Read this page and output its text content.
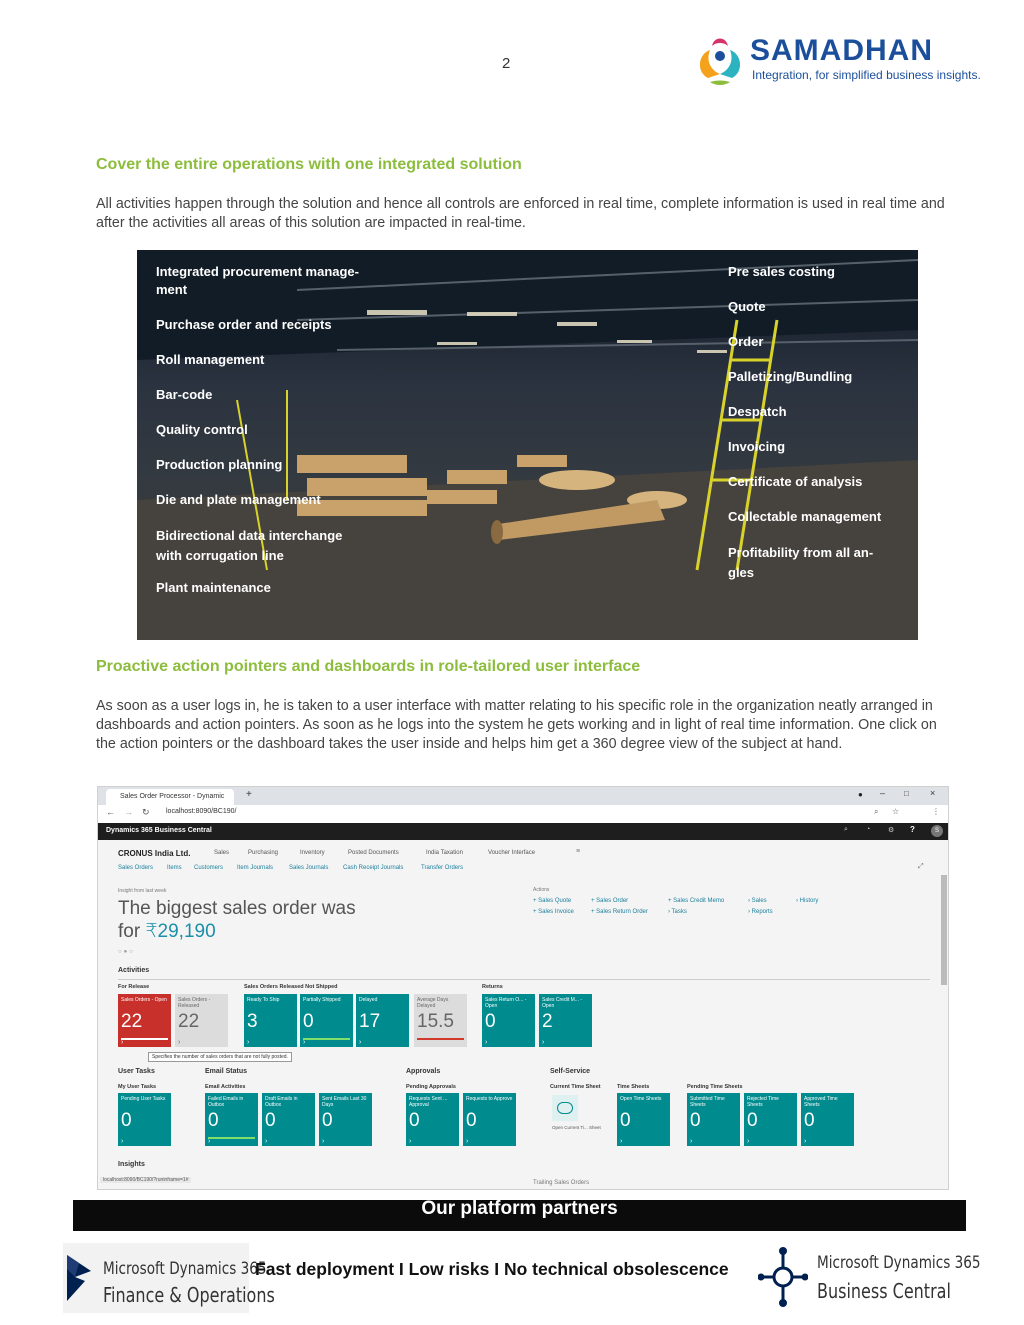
2	SAMADHAN
Integration, for simplified business insights.
Cover the entire operations with one integrated solution
All activities happen through the solution and hence all controls are enforced in real time, complete information is used in real time and after the activities all areas of this solution are impacted in real-time.
Integrated procurement manage-
ment
Purchase order and receipts
Roll management
Bar-code
Quality control
Production planning
Die and plate management
Bidirectional data interchange
with corrugation line
Plant maintenance
Pre sales costing
Quote
Order
Palletizing/Bundling
Despatch
Invoicing
Certificate of analysis
Collectable management
Profitability from all an-
gles
Proactive action pointers and dashboards in role-tailored user interface
As soon as a user logs in, he is taken to a user interface with matter relating to his specific role in the organization neatly arranged in dashboards and action pointers. As soon as he logs into the system he gets working and in light of real time information. One click on the action pointers or the dashboard takes the user inside and helps him get a 360 degree view of the subject at hand.
Sales Order Processor - Dynamic	+	● – □ ×
← → ↻ localhost:8090/BC190/	⌕ ☆	⋮
Dynamics 365 Business Central	⌕	◔	⚙ ?	S
CRONUS India Ltd.	Sales	Purchasing	Inventory	Posted Documents	India Taxation	Voucher Interface	≡
Sales Orders Items Customers Item Journals	Sales Journals Cash Receipt Journals	Transfer Orders	⤢
Insight from last week
The biggest sales order was
for ₹29,190
○●○
Actions
+ Sales Quote	+ Sales Order	+ Sales Credit Memo	› Sales	› History
+ Sales Invoice	+ Sales Return Order	› Tasks	› Reports
Activities
For Release	Sales Orders Released Not Shipped	Returns
Sales Orders - Open
22
›
Sales Orders - Released
22
›
Ready To Ship
3
›
Partially Shipped
0
›
Delayed
17
›
Average Days Delayed
15.5
Sales Return O... - Open
0
›
Sales Credit M... - Open
2
›
Specifies the number of sales orders that are not fully posted.
User Tasks	Email Status	Approvals	Self-Service
My User Tasks	Email Activities	Pending Approvals	Current Time Sheet	Time Sheets	Pending Time Sheets
Pending User Tasks
0
›
Failed Emails in Outbox
0
›
Draft Emails in Outbox
0
›
Sent Emails Last 30 Days
0
›
Requests Sent ... Approval
0
›
Requests to Approve
0
›
Open Current Ti... Sheet
Open Time Sheets
0
›
Submitted Time Sheets
0
›
Rejected Time Sheets
0
›
Approved Time Sheets
0
›
Insights
localhost:8090/BC190/?runinframe=1#	Trailing Sales Orders
Our platform partners
Microsoft Dynamics 365
Finance & Operations
Fast deployment I Low risks I No technical obsolescence	Microsoft Dynamics 365
Business Central
